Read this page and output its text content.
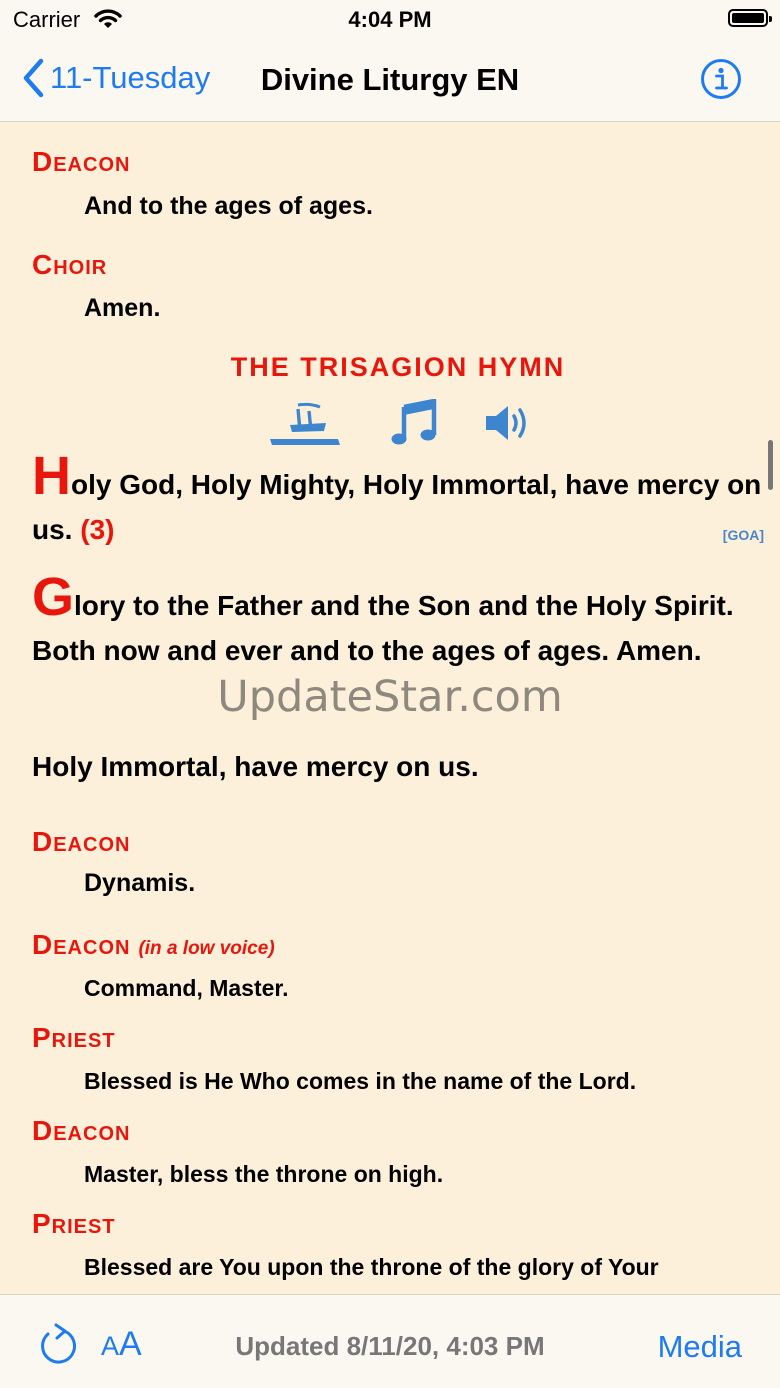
Carrier	4:04 PM
11-Tuesday	Divine Liturgy EN
Deacon
And to the ages of ages.
Choir
Amen.
THE TRISAGION HYMN
Holy God, Holy Mighty, Holy Immortal, have mercy on us. (3)	[GOA]
Glory to the Father and the Son and the Holy Spirit. Both now and ever and to the ages of ages. Amen.
Holy Immortal, have mercy on us.
UpdateStar.com
Deacon
Dynamis.
Deacon (in a low voice)
Command, Master.
Priest
Blessed is He Who comes in the name of the Lord.
Deacon
Master, bless the throne on high.
Priest
Blessed are You upon the throne of the glory of Your
AA	Updated 8/11/20, 4:03 PM	Media
